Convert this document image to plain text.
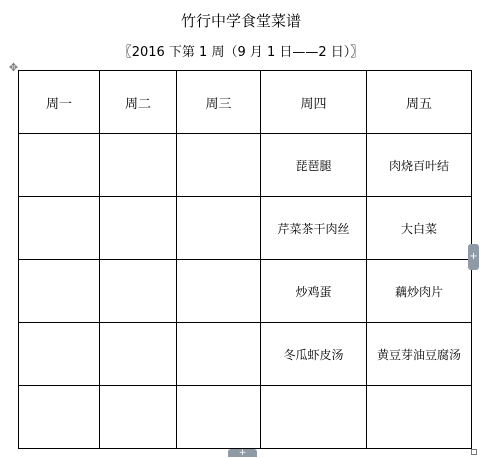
竹行中学食堂菜谱
〖2016 下第 1 周（9 月 1 日——2 日）〗
✥
周一	周二	周三	周四	周五
			琵琶腿	肉烧百叶结
			芹菜茶干肉丝	大白菜
			炒鸡蛋	藕炒肉片
			冬瓜虾皮汤	黄豆芽油豆腐汤

+
+
